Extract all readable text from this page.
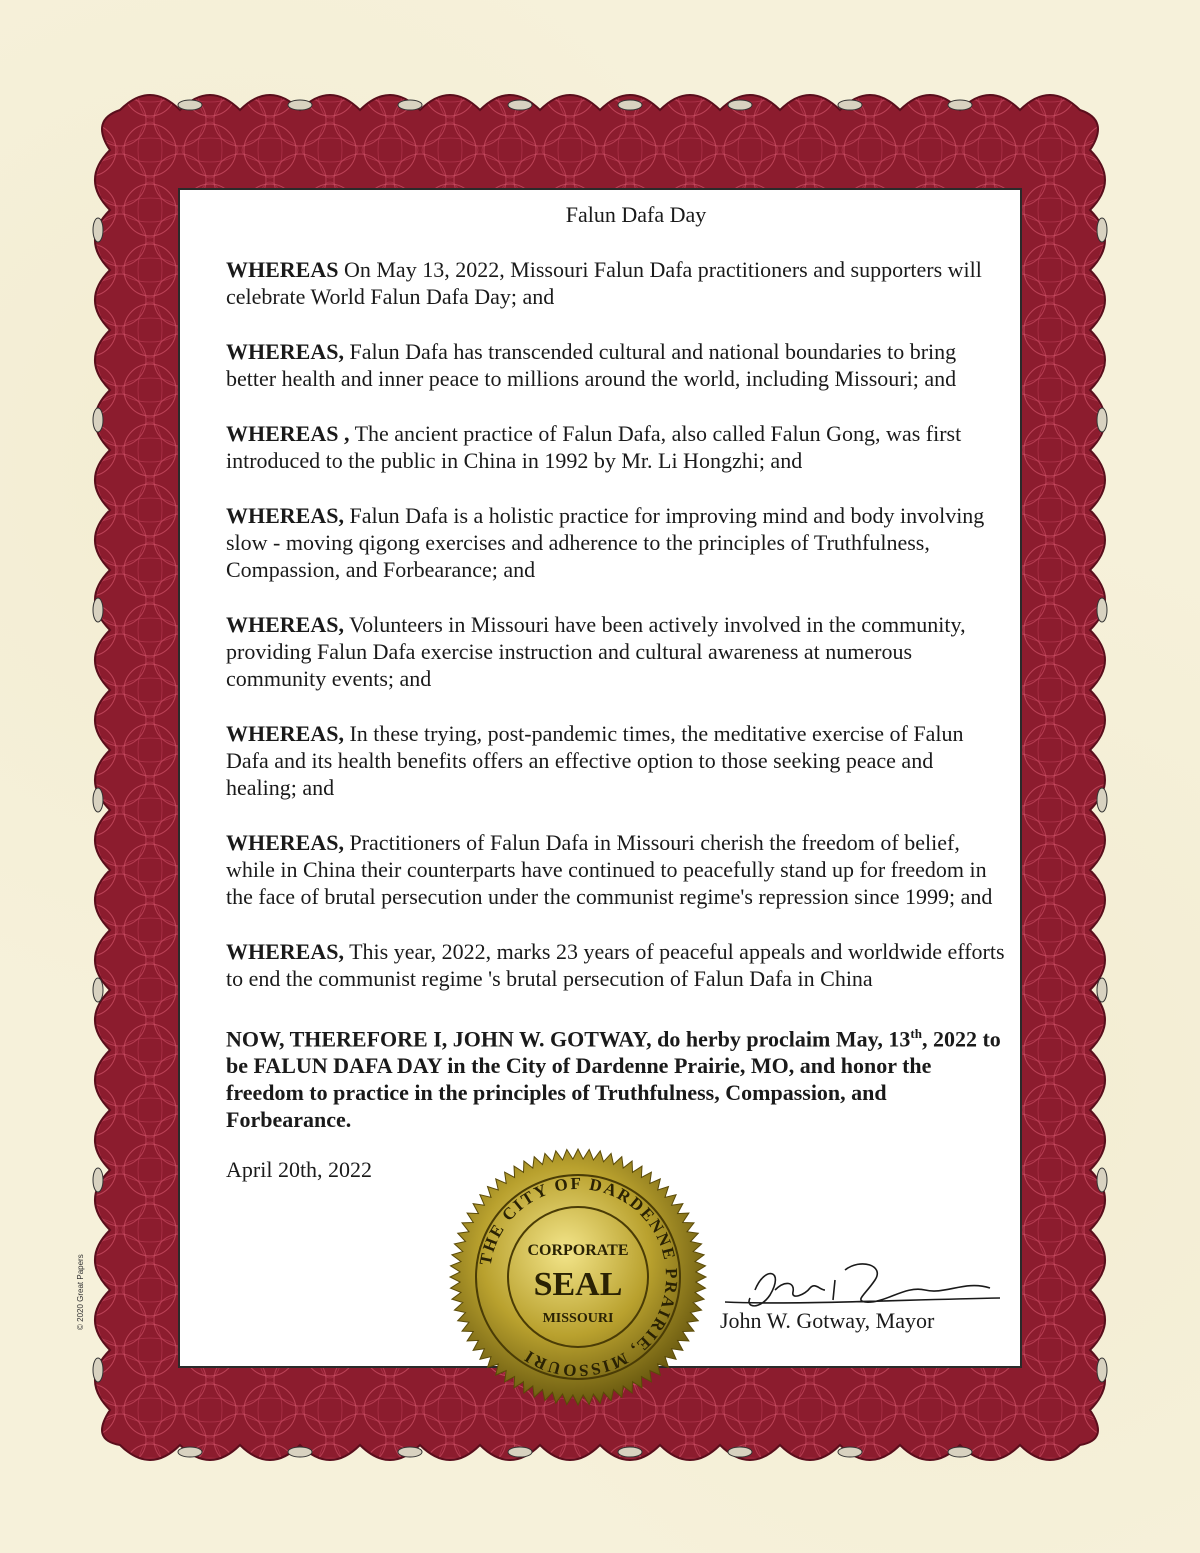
Falun Dafa Day
WHEREAS On May 13, 2022, Missouri Falun Dafa practitioners and supporters will celebrate World Falun Dafa Day; and
WHEREAS, Falun Dafa has transcended cultural and national boundaries to bring better health and inner peace to millions around the world, including Missouri; and
WHEREAS , The ancient practice of Falun Dafa, also called Falun Gong, was first introduced to the public in China in 1992 by Mr. Li Hongzhi; and
WHEREAS, Falun Dafa is a holistic practice for improving mind and body involving slow - moving qigong exercises and adherence to the principles of Truthfulness, Compassion, and Forbearance; and
WHEREAS, Volunteers in Missouri have been actively involved in the community, providing Falun Dafa exercise instruction and cultural awareness at numerous community events; and
WHEREAS, In these trying, post-pandemic times, the meditative exercise of Falun Dafa and its health benefits offers an effective option to those seeking peace and healing; and
WHEREAS, Practitioners of Falun Dafa in Missouri cherish the freedom of belief, while in China their counterparts have continued to peacefully stand up for freedom in the face of brutal persecution under the communist regime's repression since 1999; and
WHEREAS, This year, 2022, marks 23 years of peaceful appeals and worldwide efforts to end the communist regime 's brutal persecution of Falun Dafa in China
NOW, THEREFORE I, JOHN W. GOTWAY, do herby proclaim May, 13th, 2022 to be FALUN DAFA DAY in the City of Dardenne Prairie, MO, and honor the freedom to practice in the principles of Truthfulness, Compassion, and Forbearance.
April 20th, 2022
THE CITY OF DARDENNE PRAIRIE, MISSOURI
CORPORATE
SEAL
MISSOURI	John W. Gotway, Mayor
© 2020 Great Papers
